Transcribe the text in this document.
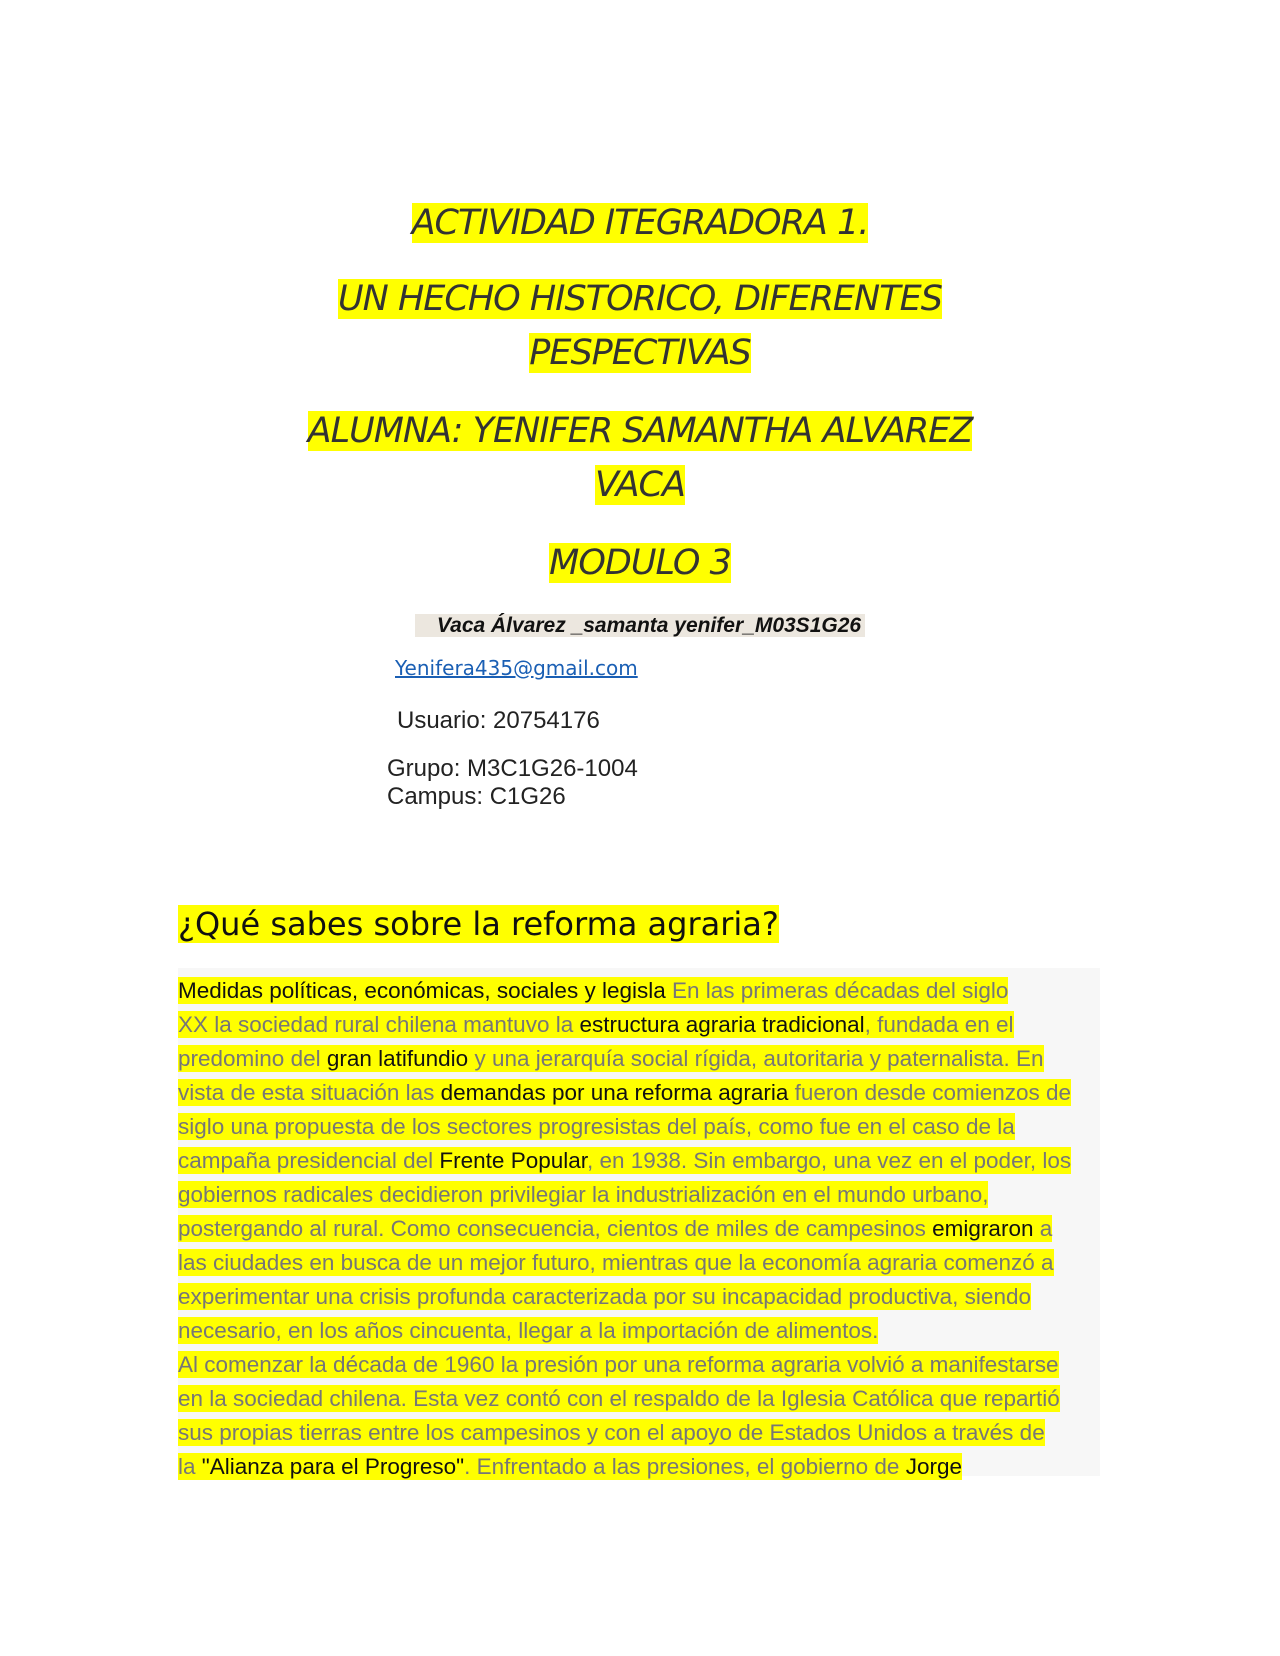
ACTIVIDAD ITEGRADORA 1.
UN HECHO HISTORICO, DIFERENTES
PESPECTIVAS
ALUMNA: YENIFER SAMANTHA ALVAREZ
VACA
MODULO 3
Vaca Álvarez _samanta yenifer_M03S1G26
Yenifera435@gmail.com
Usuario: 20754176
Grupo: M3C1G26-1004
Campus: C1G26
¿Qué sabes sobre la reforma agraria?
Medidas políticas, económicas, sociales y legisla En las primeras décadas del siglo
XX la sociedad rural chilena mantuvo la estructura agraria tradicional, fundada en el
predomino del gran latifundio y una jerarquía social rígida, autoritaria y paternalista. En
vista de esta situación las demandas por una reforma agraria fueron desde comienzos de
siglo una propuesta de los sectores progresistas del país, como fue en el caso de la
campaña presidencial del Frente Popular, en 1938. Sin embargo, una vez en el poder, los
gobiernos radicales decidieron privilegiar la industrialización en el mundo urbano,
postergando al rural. Como consecuencia, cientos de miles de campesinos emigraron a
las ciudades en busca de un mejor futuro, mientras que la economía agraria comenzó a
experimentar una crisis profunda caracterizada por su incapacidad productiva, siendo
necesario, en los años cincuenta, llegar a la importación de alimentos.
Al comenzar la década de 1960 la presión por una reforma agraria volvió a manifestarse
en la sociedad chilena. Esta vez contó con el respaldo de la Iglesia Católica que repartió
sus propias tierras entre los campesinos y con el apoyo de Estados Unidos a través de
la "Alianza para el Progreso". Enfrentado a las presiones, el gobierno de Jorge
